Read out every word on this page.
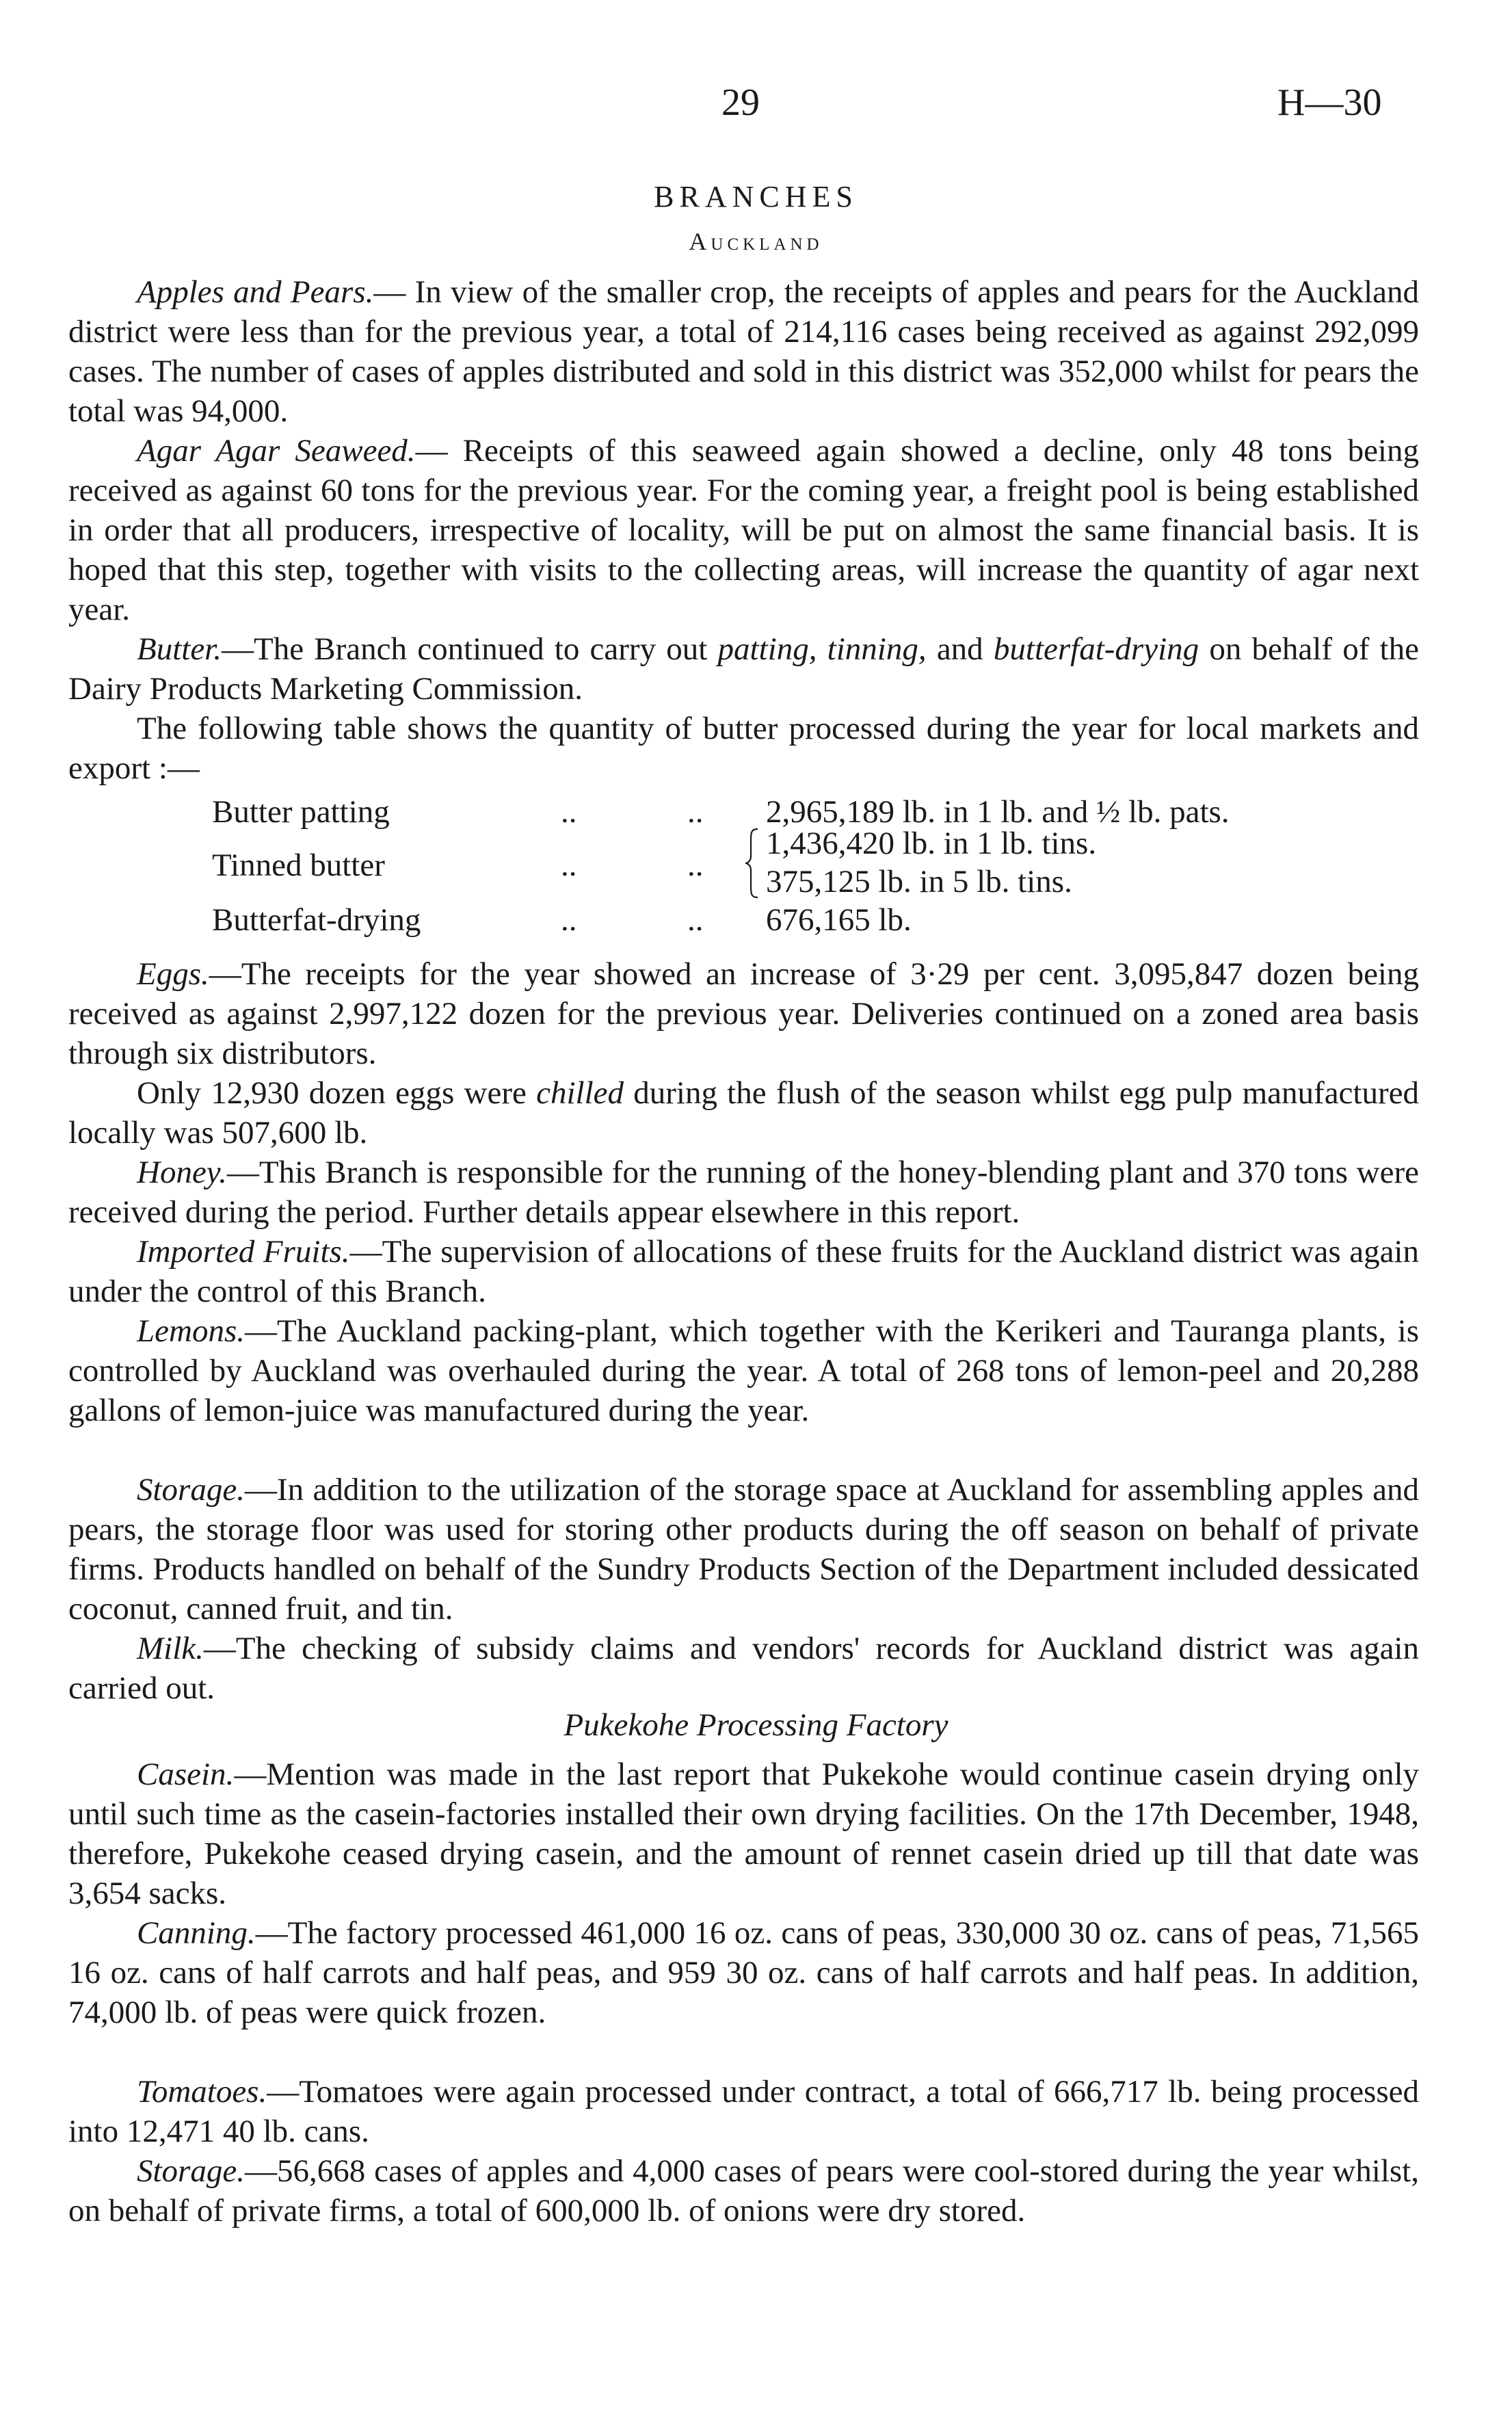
29	H—30
BRANCHES
Auckland

Apples and Pears.— In view of the smaller crop, the receipts of apples and pears for the Auckland district were less than for the previous year, a total of 214,116 cases being received as against 292,099 cases. The number of cases of apples distributed and sold in this district was 352,000 whilst for pears the total was 94,000.

Agar Agar Seaweed.— Receipts of this seaweed again showed a decline, only 48 tons being received as against 60 tons for the previous year. For the coming year, a freight pool is being established in order that all producers, irrespective of locality, will be put on almost the same financial basis. It is hoped that this step, together with visits to the collecting areas, will increase the quantity of agar next year.

Butter.—The Branch continued to carry out patting, tinning, and butterfat-drying on behalf of the Dairy Products Marketing Commission.

The following table shows the quantity of butter processed during the year for local markets and export :—

Butter patting	..	.. 2,965,189 lb. in 1 lb. and ½ lb. pats.
Tinned butter	..	..
1,436,420 lb. in 1 lb. tins.
375,125 lb. in 5 lb. tins.
Butterfat-drying	..	.. 676,165 lb.

Eggs.—The receipts for the year showed an increase of 3·29 per cent. 3,095,847 dozen being received as against 2,997,122 dozen for the previous year. Deliveries continued on a zoned area basis through six distributors.

Only 12,930 dozen eggs were chilled during the flush of the season whilst egg pulp manufactured locally was 507,600 lb.

Honey.—This Branch is responsible for the running of the honey-blending plant and 370 tons were received during the period. Further details appear elsewhere in this report.

Imported Fruits.—The supervision of allocations of these fruits for the Auckland district was again under the control of this Branch.

Lemons.—The Auckland packing-plant, which together with the Kerikeri and Tauranga plants, is controlled by Auckland was overhauled during the year. A total of 268 tons of lemon-peel and 20,288 gallons of lemon-juice was manufactured during the year.

Storage.—In addition to the utilization of the storage space at Auckland for assembling apples and pears, the storage floor was used for storing other products during the off season on behalf of private firms. Products handled on behalf of the Sundry Products Section of the Department included dessicated coconut, canned fruit, and tin.

Milk.—The checking of subsidy claims and vendors' records for Auckland district was again carried out.

Pukekohe Processing Factory

Casein.—Mention was made in the last report that Pukekohe would continue casein drying only until such time as the casein-factories installed their own drying facilities. On the 17th December, 1948, therefore, Pukekohe ceased drying casein, and the amount of rennet casein dried up till that date was 3,654 sacks.

Canning.—The factory processed 461,000 16 oz. cans of peas, 330,000 30 oz. cans of peas, 71,565 16 oz. cans of half carrots and half peas, and 959 30 oz. cans of half carrots and half peas. In addition, 74,000 lb. of peas were quick frozen.

Tomatoes.—Tomatoes were again processed under contract, a total of 666,717 lb. being processed into 12,471 40 lb. cans.

Storage.—56,668 cases of apples and 4,000 cases of pears were cool-stored during the year whilst, on behalf of private firms, a total of 600,000 lb. of onions were dry stored.
